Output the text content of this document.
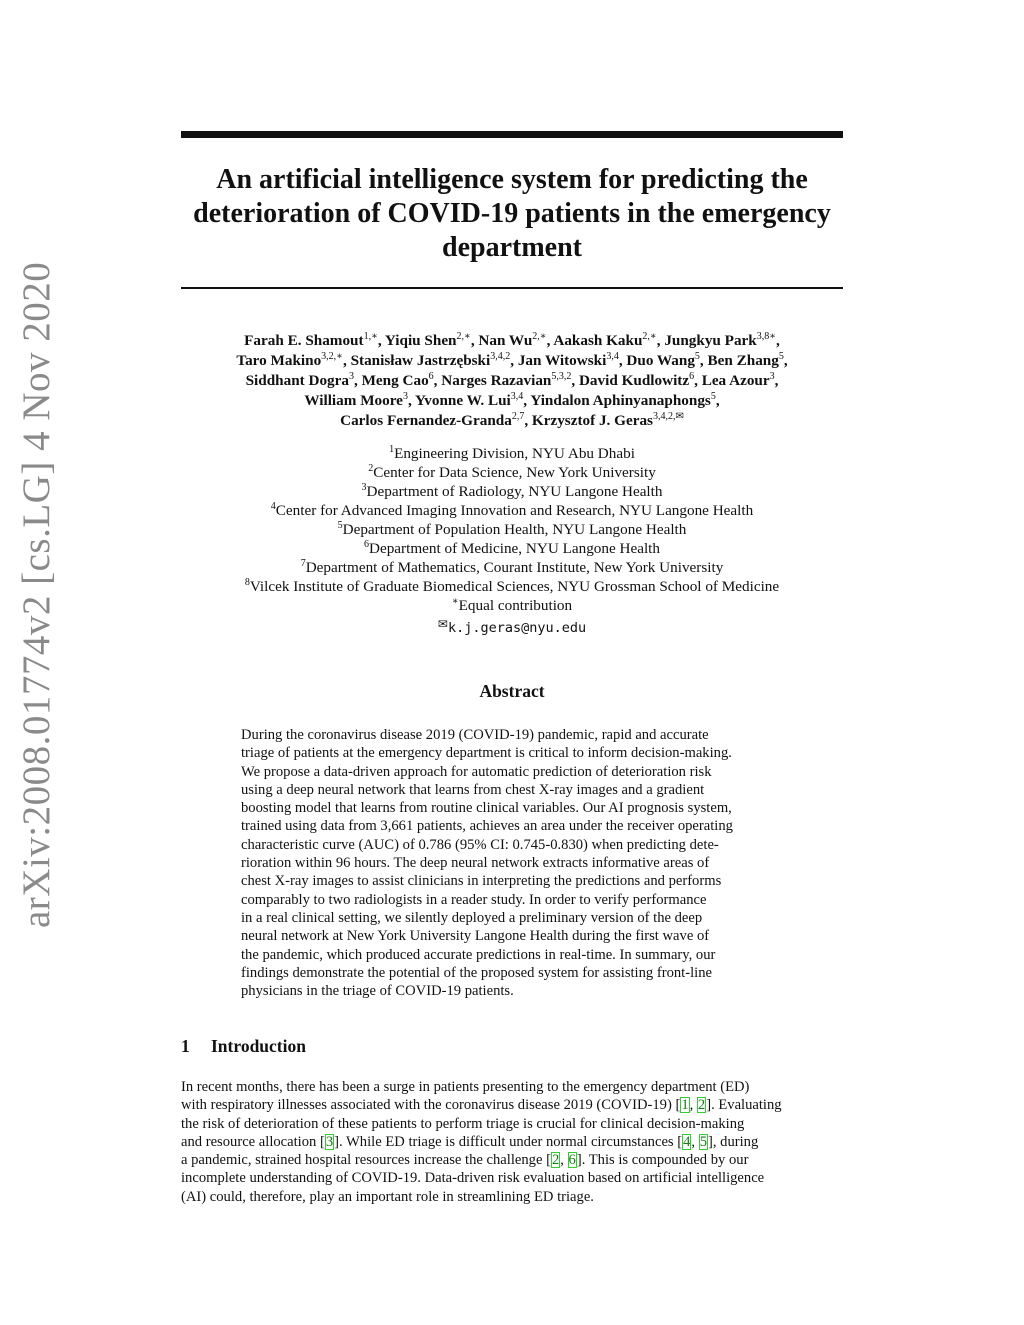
arXiv:2008.01774v2 [cs.LG] 4 Nov 2020
An artificial intelligence system for predicting the
deterioration of COVID-19 patients in the emergency
department
Farah E. Shamout$^{1,∗}$, Yiqiu Shen$^{2,∗}$, Nan $Wu^{2,∗}$, Aakash Kaku$^{2,∗}$, Jungkyu Park$^{3,8∗}$,
Taro Makino$^{3,2,∗}$, Stanisław Jastrzębski$^{3,4,2}$, Jan Witowski$^{3,4}$, Duo Wang$^5$, Ben Zhang$^5$,
Siddhant Dogra$^3$, Meng Cao$^6$, Narges Razavian$^{5,3,2}$, David Kudlowitz$^6$, Lea Azour$^3$,
William Moore$^3$, Yvonne W. Lui$^{3,4}$, Yindalon Aphinyanaphongs$^5$,
Carlos Fernandez-Granda$^{2,7}$, Krzysztof J. Geras$^{3,4,2,✉}$
$^1$Engineering Division, NYU Abu Dhabi
$^2$Center for Data Science, New York University
$^3$Department of Radiology, NYU Langone Health
$^4$Center for Advanced Imaging Innovation and Research, NYU Langone Health
$^5$Department of Population Health, NYU Langone Health
$^6$Department of Medicine, NYU Langone Health
$^7$Department of Mathematics, Courant Institute, New York University
$^8$Vilcek Institute of Graduate Biomedical Sciences, NYU Grossman School of Medicine
∗Equal contribution
✉k.j.geras@nyu.edu
Abstract
During the coronavirus disease 2019 (COVID-19) pandemic, rapid and accurate
triage of patients at the emergency department is critical to inform decision-making.
We propose a data-driven approach for automatic prediction of deterioration risk
using a deep neural network that learns from chest X-ray images and a gradient
boosting model that learns from routine clinical variables. Our AI prognosis system,
trained using data from 3,661 patients, achieves an area under the receiver operating
characteristic curve (AUC) of 0.786 (95% CI: 0.745-0.830) when predicting dete-
rioration within 96 hours. The deep neural network extracts informative areas of
chest X-ray images to assist clinicians in interpreting the predictions and performs
comparably to two radiologists in a reader study. In order to verify performance
in a real clinical setting, we silently deployed a preliminary version of the deep
neural network at New York University Langone Health during the first wave of
the pandemic, which produced accurate predictions in real-time. In summary, our
findings demonstrate the potential of the proposed system for assisting front-line
physicians in the triage of COVID-19 patients.
1 Introduction
In recent months, there has been a surge in patients presenting to the emergency department (ED)
with respiratory illnesses associated with the coronavirus disease 2019 (COVID-19) [1, 2]. Evaluating
the risk of deterioration of these patients to perform triage is crucial for clinical decision-making
and resource allocation [3]. While ED triage is difficult under normal circumstances [4, 5], during
a pandemic, strained hospital resources increase the challenge [2, 6]. This is compounded by our
incomplete understanding of COVID-19. Data-driven risk evaluation based on artificial intelligence
(AI) could, therefore, play an important role in streamlining ED triage.
